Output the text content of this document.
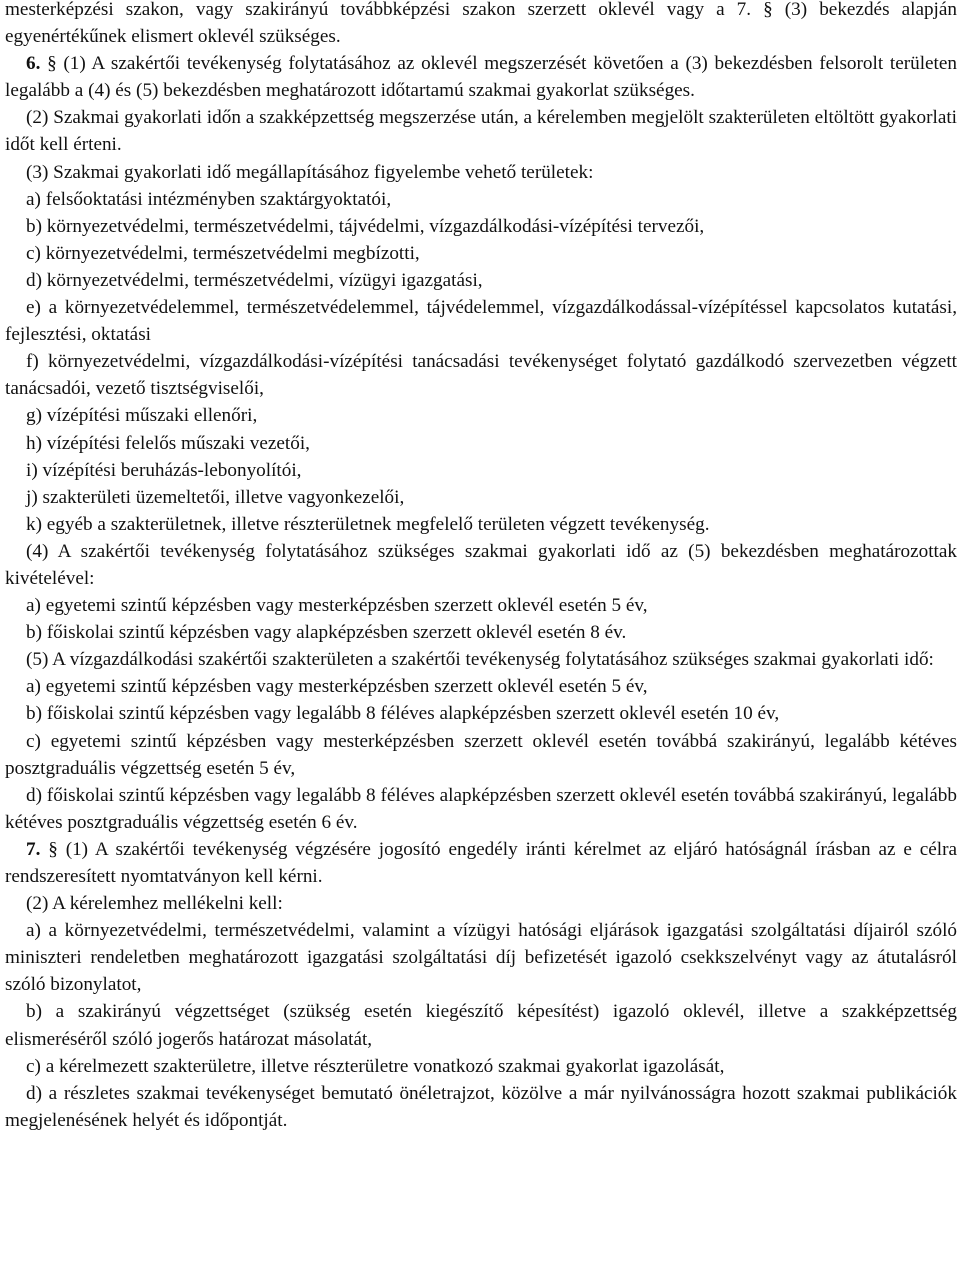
mesterképzési szakon, vagy szakirányú továbbképzési szakon szerzett oklevél vagy a 7. § (3) bekezdés alapján egyenértékűnek elismert oklevél szükséges.

6. § (1) A szakértői tevékenység folytatásához az oklevél megszerzését követően a (3) bekezdésben felsorolt területen legalább a (4) és (5) bekezdésben meghatározott időtartamú szakmai gyakorlat szükséges.

(2) Szakmai gyakorlati időn a szakképzettség megszerzése után, a kérelemben megjelölt szakterületen eltöltött gyakorlati időt kell érteni.

(3) Szakmai gyakorlati idő megállapításához figyelembe vehető területek:

a) felsőoktatási intézményben szaktárgyoktatói,

b) környezetvédelmi, természetvédelmi, tájvédelmi, vízgazdálkodási-vízépítési tervezői,

c) környezetvédelmi, természetvédelmi megbízotti,

d) környezetvédelmi, természetvédelmi, vízügyi igazgatási,

e) a környezetvédelemmel, természetvédelemmel, tájvédelemmel, vízgazdálkodással-vízépítéssel kapcsolatos kutatási, fejlesztési, oktatási

f) környezetvédelmi, vízgazdálkodási-vízépítési tanácsadási tevékenységet folytató gazdálkodó szervezetben végzett tanácsadói, vezető tisztségviselői,

g) vízépítési műszaki ellenőri,

h) vízépítési felelős műszaki vezetői,

i) vízépítési beruházás-lebonyolítói,

j) szakterületi üzemeltetői, illetve vagyonkezelői,

k) egyéb a szakterületnek, illetve részterületnek megfelelő területen végzett tevékenység.

(4) A szakértői tevékenység folytatásához szükséges szakmai gyakorlati idő az (5) bekezdésben meghatározottak kivételével:

a) egyetemi szintű képzésben vagy mesterképzésben szerzett oklevél esetén 5 év,

b) főiskolai szintű képzésben vagy alapképzésben szerzett oklevél esetén 8 év.

(5) A vízgazdálkodási szakértői szakterületen a szakértői tevékenység folytatásához szükséges szakmai gyakorlati idő:

a) egyetemi szintű képzésben vagy mesterképzésben szerzett oklevél esetén 5 év,

b) főiskolai szintű képzésben vagy legalább 8 féléves alapképzésben szerzett oklevél esetén 10 év,

c) egyetemi szintű képzésben vagy mesterképzésben szerzett oklevél esetén továbbá szakirányú, legalább kétéves posztgraduális végzettség esetén 5 év,

d) főiskolai szintű képzésben vagy legalább 8 féléves alapképzésben szerzett oklevél esetén továbbá szakirányú, legalább kétéves posztgraduális végzettség esetén 6 év.

7. § (1) A szakértői tevékenység végzésére jogosító engedély iránti kérelmet az eljáró hatóságnál írásban az e célra rendszeresített nyomtatványon kell kérni.

(2) A kérelemhez mellékelni kell:

a) a környezetvédelmi, természetvédelmi, valamint a vízügyi hatósági eljárások igazgatási szolgáltatási díjairól szóló miniszteri rendeletben meghatározott igazgatási szolgáltatási díj befizetését igazoló csekkszelvényt vagy az átutalásról szóló bizonylatot,

b) a szakirányú végzettséget (szükség esetén kiegészítő képesítést) igazoló oklevél, illetve a szakképzettség elismeréséről szóló jogerős határozat másolatát,

c) a kérelmezett szakterületre, illetve részterületre vonatkozó szakmai gyakorlat igazolását,

d) a részletes szakmai tevékenységet bemutató önéletrajzot, közölve a már nyilvánosságra hozott szakmai publikációk megjelenésének helyét és időpontját.
